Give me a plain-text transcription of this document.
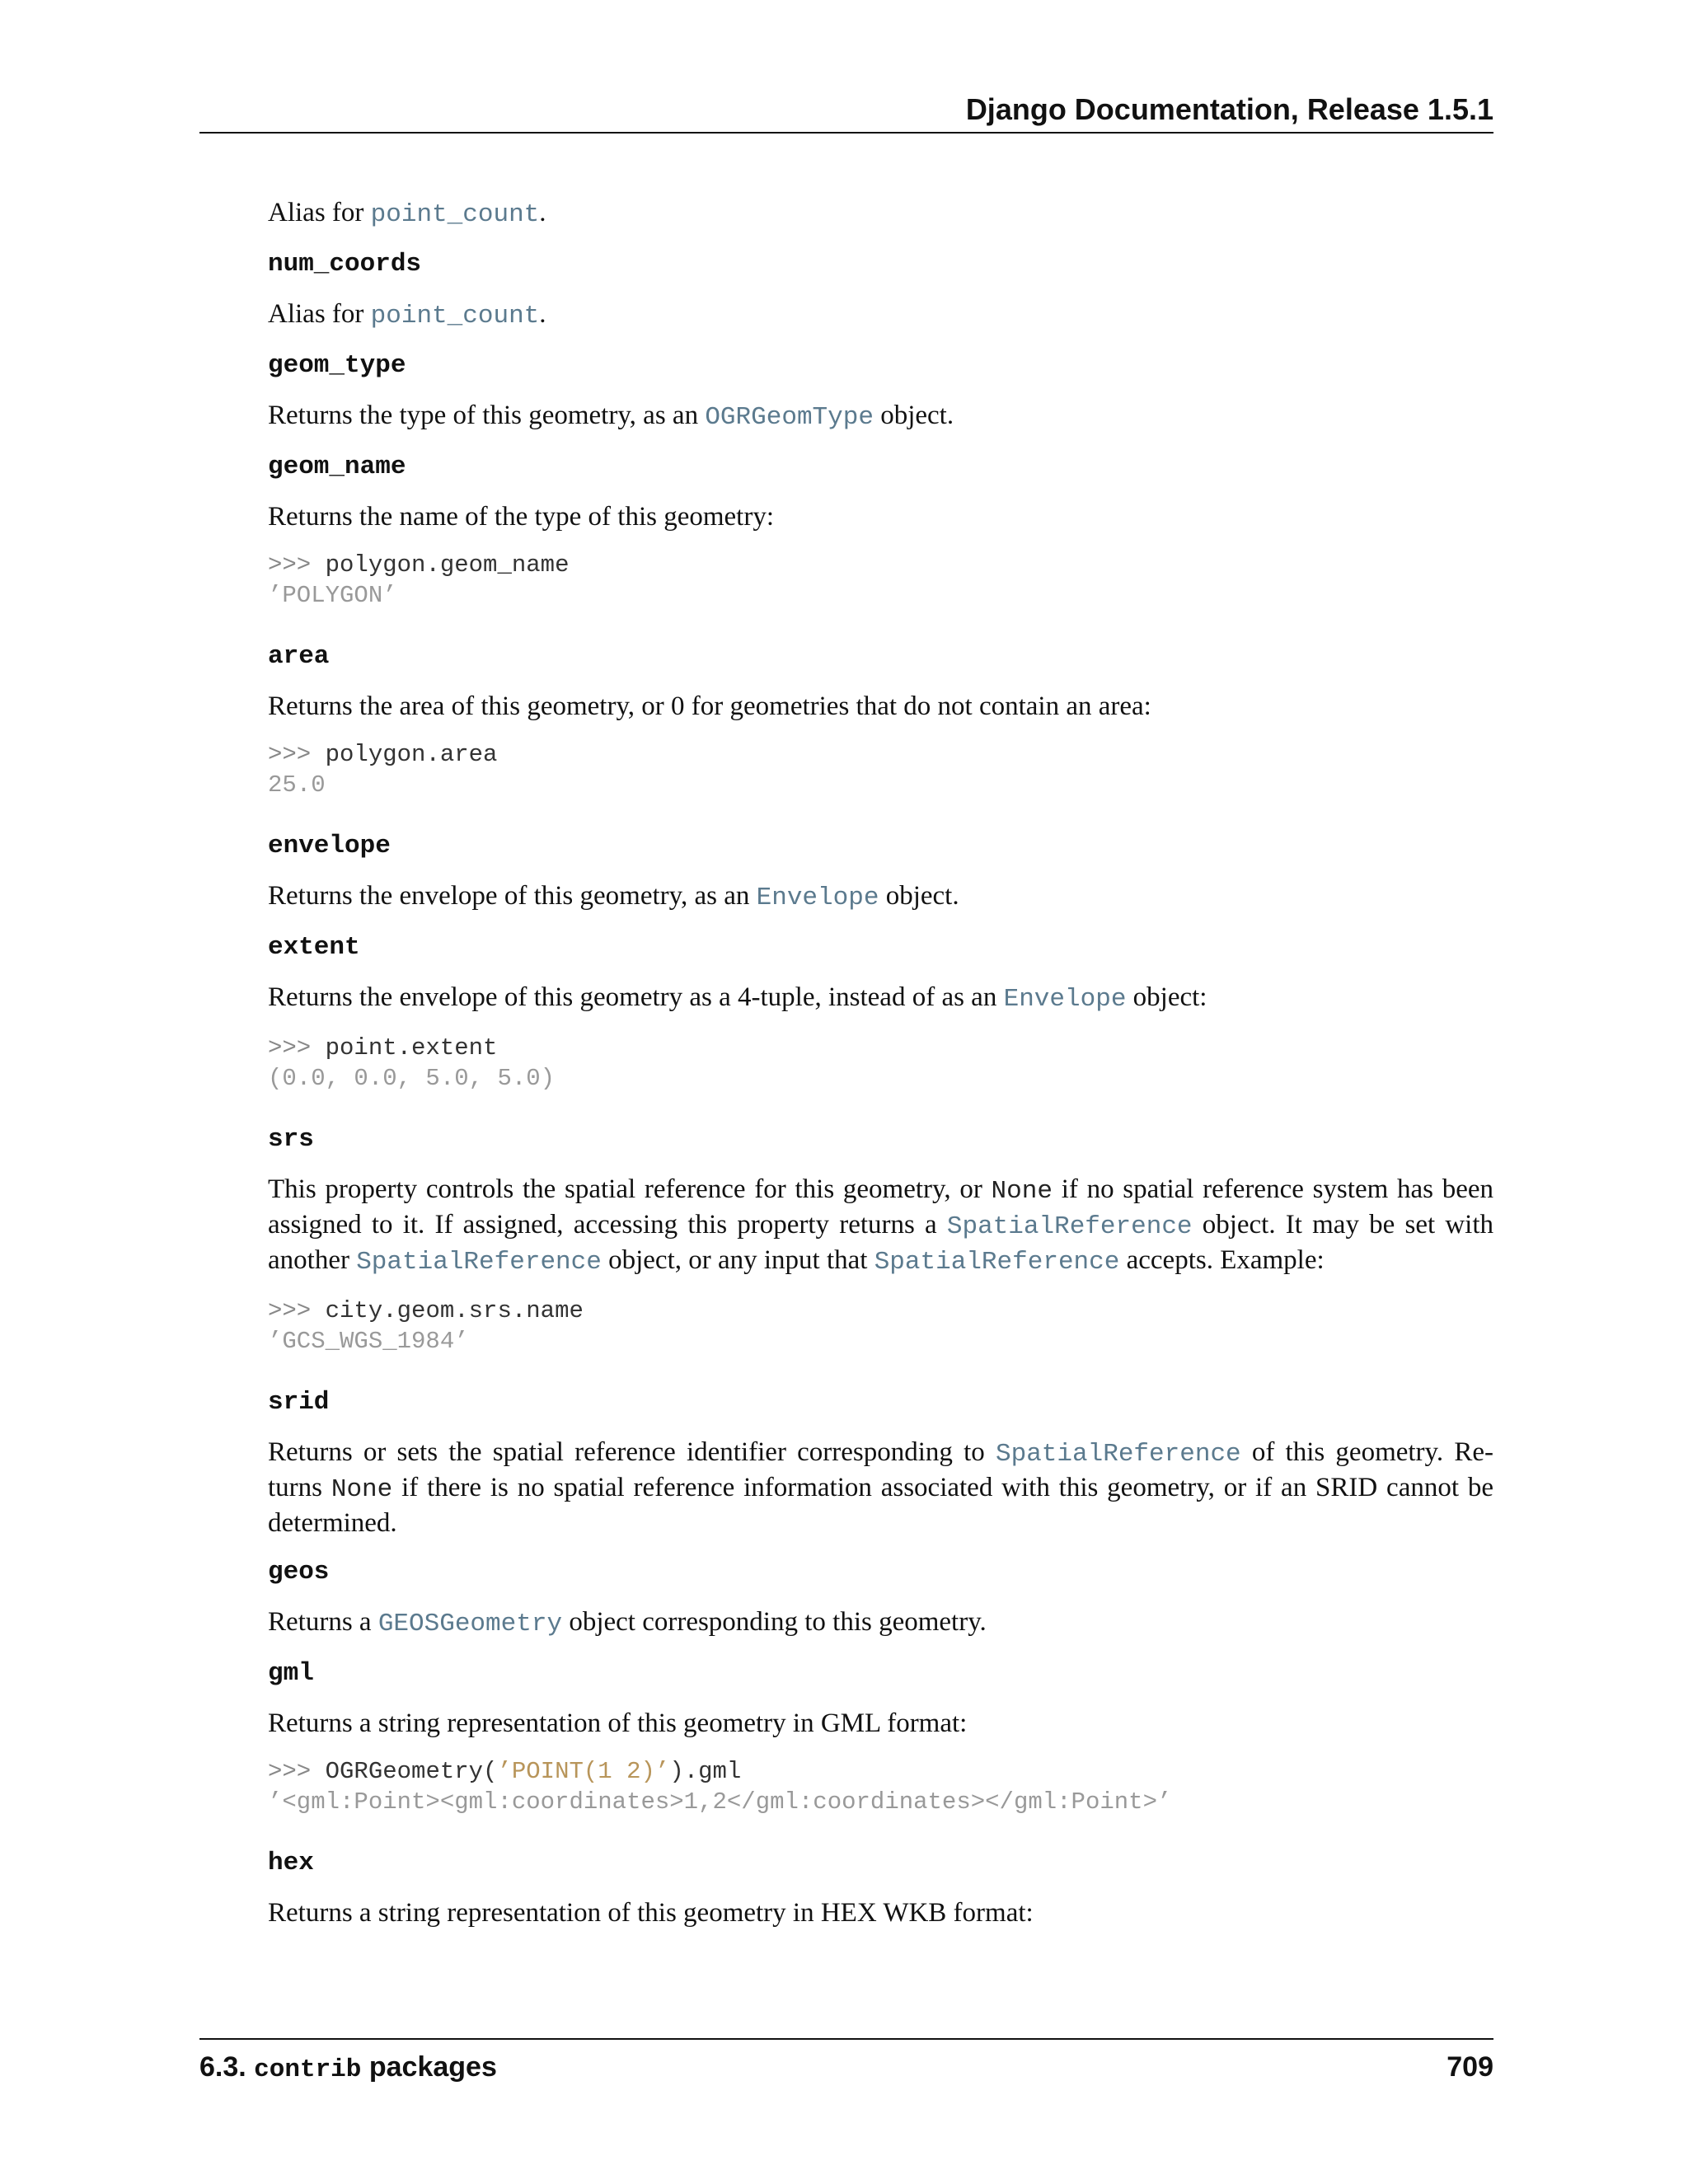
Django Documentation, Release 1.5.1

Alias for point_count.

num_coords

Alias for point_count.

geom_type

Returns the type of this geometry, as an OGRGeomType object.

geom_name

Returns the name of the type of this geometry:

>>> polygon.geom_name
’POLYGON’
area

Returns the area of this geometry, or 0 for geometries that do not contain an area:

>>> polygon.area
25.0
envelope

Returns the envelope of this geometry, as an Envelope object.

extent

Returns the envelope of this geometry as a 4-tuple, instead of as an Envelope object:

>>> point.extent
(0.0, 0.0, 5.0, 5.0)
srs

This property controls the spatial reference for this geometry, or None if no spatial reference system has been assigned to it. If assigned, accessing this property returns a SpatialReference object. It may be set with another SpatialReference object, or any input that SpatialReference accepts. Example:

>>> city.geom.srs.name
’GCS_WGS_1984’
srid

Returns or sets the spatial reference identifier corresponding to SpatialReference of this geometry. Re-turns None if there is no spatial reference information associated with this geometry, or if an SRID cannot be determined.

geos

Returns a GEOSGeometry object corresponding to this geometry.

gml

Returns a string representation of this geometry in GML format:

>>> OGRGeometry(’POINT(1 2)’).gml
’<gml:Point><gml:coordinates>1,2</gml:coordinates></gml:Point>’
hex

Returns a string representation of this geometry in HEX WKB format:

6.3. contrib packages	709
